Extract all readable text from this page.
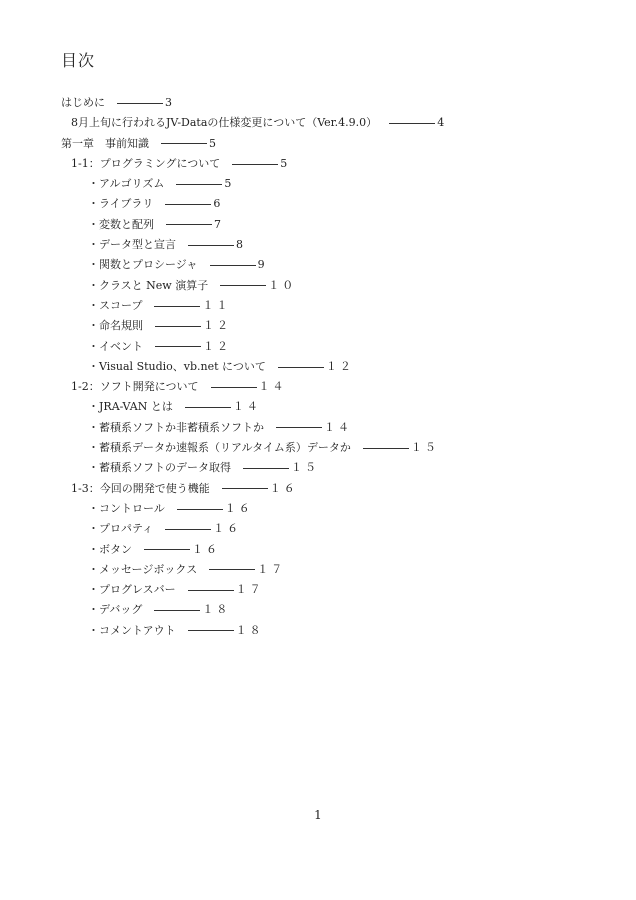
目次
はじめに	3
8月上旬に行われるJV-Dataの仕様変更について（Ver.4.9.0）	4
第一章　事前知識	5
1-1：プログラミングについて	5
・アルゴリズム	5
・ライブラリ	6
・変数と配列	7
・データ型と宣言	8
・関数とプロシージャ	9
・クラスと New 演算子	１０
・スコープ	１１
・命名規則	１２
・イベント	１２
・Visual Studio、vb.net について	１２
1-2：ソフト開発について	１４
・JRA-VAN とは	１４
・蓄積系ソフトか非蓄積系ソフトか	１４
・蓄積系データか速報系（リアルタイム系）データか	１５
・蓄積系ソフトのデータ取得	１５
1-3：今回の開発で使う機能	１６
・コントロール	１６
・プロパティ	１６
・ボタン	１６
・メッセージボックス	１７
・プログレスバー	１７
・デバッグ	１８
・コメントアウト	１８
1
